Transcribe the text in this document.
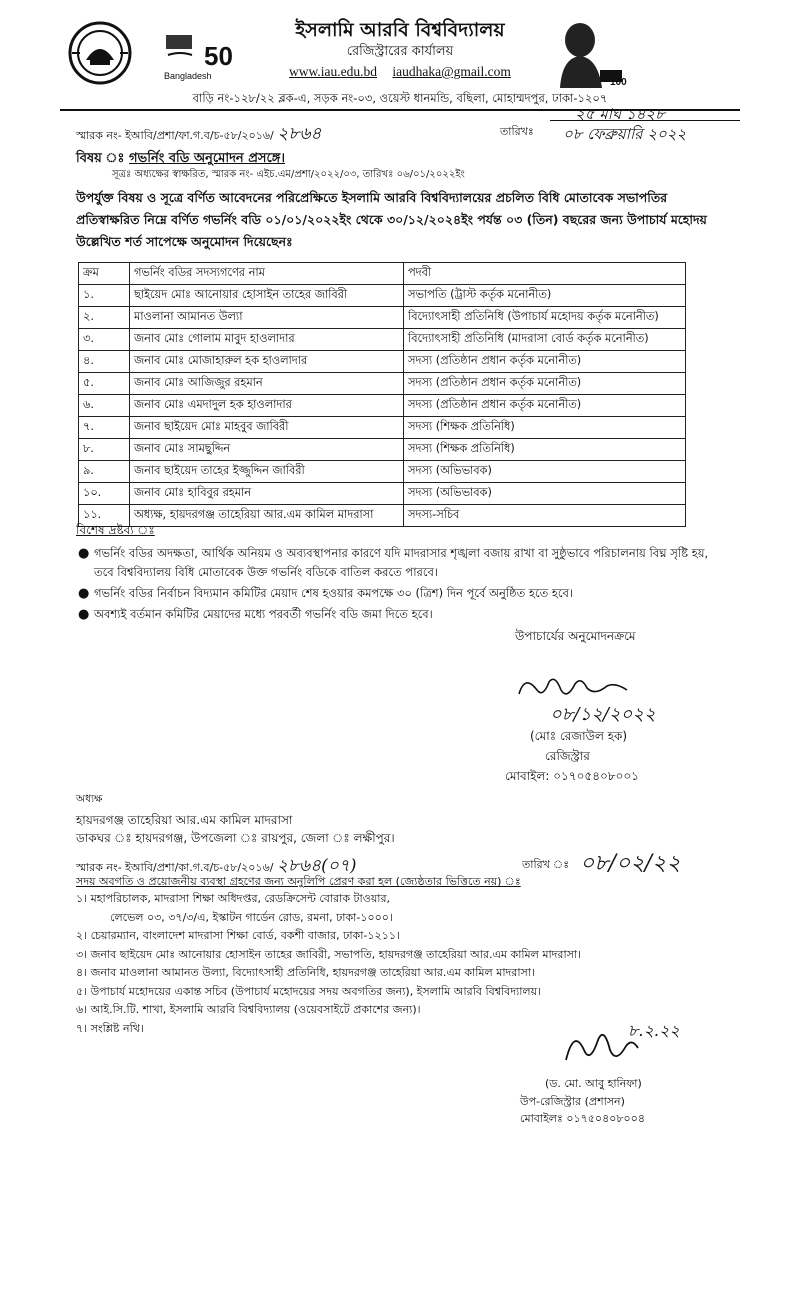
50
Bangladesh
100
ইসলামি আরবি বিশ্ববিদ্যালয়
রেজিস্ট্রারের কার্যালয়
www.iau.edu.bd iaudhaka@gmail.com
বাড়ি নং-১২৮/২২ ব্লক-এ, সড়ক নং-০৩, ওয়েস্ট ধানমন্ডি, বছিলা, মোহাম্মদপুর, ঢাকা-১২০৭
স্মারক নং- ইআবি/প্রশা/ফা.গ.ব/চ-৫৮/২০১৬/ ২৮৬৪	তারিখঃ
২৫ মাঘ ১৪২৮
০৮ ফেব্রুয়ারি ২০২২
বিষয় ঃ গভর্নিং বডি অনুমোদন প্রসঙ্গে।
সূত্রঃ অধ্যক্ষের স্বাক্ষরিত, স্মারক নং- এইচ.এম/প্রশা/২০২২/০৩, তারিখঃ ০৬/০১/২০২২ইং
উপর্যুক্ত বিষয় ও সূত্রে বর্ণিত আবেদনের পরিপ্রেক্ষিতে ইসলামি আরবি বিশ্ববিদ্যালয়ের প্রচলিত বিধি মোতাবেক সভাপতির প্রতিস্বাক্ষরিত নিম্নে বর্ণিত গভর্নিং বডি ০১/০১/২০২২ইং থেকে ৩০/১২/২০২৪ইং পর্যন্ত ০৩ (তিন) বছরের জন্য উপাচার্য মহোদয় উল্লেখিত শর্ত সাপেক্ষে অনুমোদন দিয়েছেনঃ
ক্রম	গভর্নিং বডির সদস্যগণের নাম	পদবী
১.	ছাইয়েদ মোঃ আনোয়ার হোসাইন তাহের জাবিরী	সভাপতি (ট্রাস্ট কর্তৃক মনোনীত)
২.	মাওলানা আমানত উল্যা	বিদ্যোৎসাহী প্রতিনিধি (উপাচার্য মহোদয় কর্তৃক মনোনীত)
৩.	জনাব মোঃ গোলাম মাবুদ হাওলাদার	বিদ্যোৎসাহী প্রতিনিধি (মাদরাসা বোর্ড কর্তৃক মনোনীত)
৪.	জনাব মোঃ মোজাহারুল হক হাওলাদার	সদস্য (প্রতিষ্ঠান প্রধান কর্তৃক মনোনীত)
৫.	জনাব মোঃ আজিজুর রহমান	সদস্য (প্রতিষ্ঠান প্রধান কর্তৃক মনোনীত)
৬.	জনাব মোঃ এমদাদুল হক হাওলাদার	সদস্য (প্রতিষ্ঠান প্রধান কর্তৃক মনোনীত)
৭.	জনাব ছাইয়েদ মোঃ মাহবুব জাবিরী	সদস্য (শিক্ষক প্রতিনিধি)
৮.	জনাব মোঃ সামছুদ্দিন	সদস্য (শিক্ষক প্রতিনিধি)
৯.	জনাব ছাইয়েদ তাহের ইজ্জুদ্দিন জাবিরী	সদস্য (অভিভাবক)
১০.	জনাব মোঃ হাবিবুর রহমান	সদস্য (অভিভাবক)
১১.	অধ্যক্ষ, হায়দরগঞ্জ তাহেরিয়া আর.এম কামিল মাদরাসা	সদস্য-সচিব
বিশেষ দ্রষ্টব্য ঃ
● গভর্নিং বডির অদক্ষতা, আর্থিক অনিয়ম ও অব্যবস্থাপনার কারণে যদি মাদরাসার শৃঙ্খলা বজায় রাখা বা সুষ্ঠুভাবে পরিচালনায় বিঘ্ন সৃষ্টি হয়, তবে বিশ্ববিদ্যালয় বিধি মোতাবেক উক্ত গভর্নিং বডিকে বাতিল করতে পারবে।
● গভর্নিং বডির নির্বাচন বিদ্যমান কমিটির মেয়াদ শেষ হওয়ার কমপক্ষে ৩০ (ত্রিশ) দিন পূর্বে অনুষ্ঠিত হতে হবে।
● অবশ্যই বর্তমান কমিটির মেয়াদের মধ্যে পরবর্তী গভর্নিং বডি জমা দিতে হবে।
উপাচার্যের অনুমোদনক্রমে
০৮/১২/২০২২
(মোঃ রেজাউল হক)
রেজিস্ট্রার
মোবাইল: ০১৭০৫৪০৮০০১
অধ্যক্ষ
হায়দরগঞ্জ তাহেরিয়া আর.এম কামিল মাদরাসা
ডাকঘর ঃ হায়দরগঞ্জ, উপজেলা ঃ রায়পুর, জেলা ঃ লক্ষীপুর।
স্মারক নং- ইআবি/প্রশা/কা.গ.ব/চ-৫৮/২০১৬/ ২৮৬৪(০৭)	তারিখ ঃ ০৮/০২/২২
সদয় অবগতি ও প্রয়োজনীয় ব্যবস্থা গ্রহণের জন্য অনুলিপি প্রেরণ করা হল (জ্যেষ্ঠতার ভিত্তিতে নয়) ঃ
১। মহাপরিচালক, মাদরাসা শিক্ষা অধিদপ্তর, রেডক্রিসেন্ট বোরাক টাওয়ার,
লেভেল ০৩, ৩৭/৩/এ, ইস্কাটন গার্ডেন রোড, রমনা, ঢাকা-১০০০।
২। চেয়ারম্যান, বাংলাদেশ মাদরাসা শিক্ষা বোর্ড, বকশী বাজার, ঢাকা-১২১১।
৩। জনাব ছাইয়েদ মোঃ আনোয়ার হোসাইন তাহের জাবিরী, সভাপতি, হায়দরগঞ্জ তাহেরিয়া আর.এম কামিল মাদরাসা।
৪। জনাব মাওলানা আমানত উল্যা, বিদ্যোৎসাহী প্রতিনিধি, হায়দরগঞ্জ তাহেরিয়া আর.এম কামিল মাদরাসা।
৫। উপাচার্য মহোদয়ের একান্ত সচিব (উপাচার্য মহোদয়ের সদয় অবগতির জন্য), ইসলামি আরবি বিশ্ববিদ্যালয়।
৬। আই.সি.টি. শাখা, ইসলামি আরবি বিশ্ববিদ্যালয় (ওয়েবসাইটে প্রকাশের জন্য)।
৭। সংশ্লিষ্ট নথি।	৮.২.২২
(ড. মো. আবু হানিফা)
উপ-রেজিস্ট্রার (প্রশাসন)
মোবাইলঃ ০১৭৫০৪০৮০০৪
